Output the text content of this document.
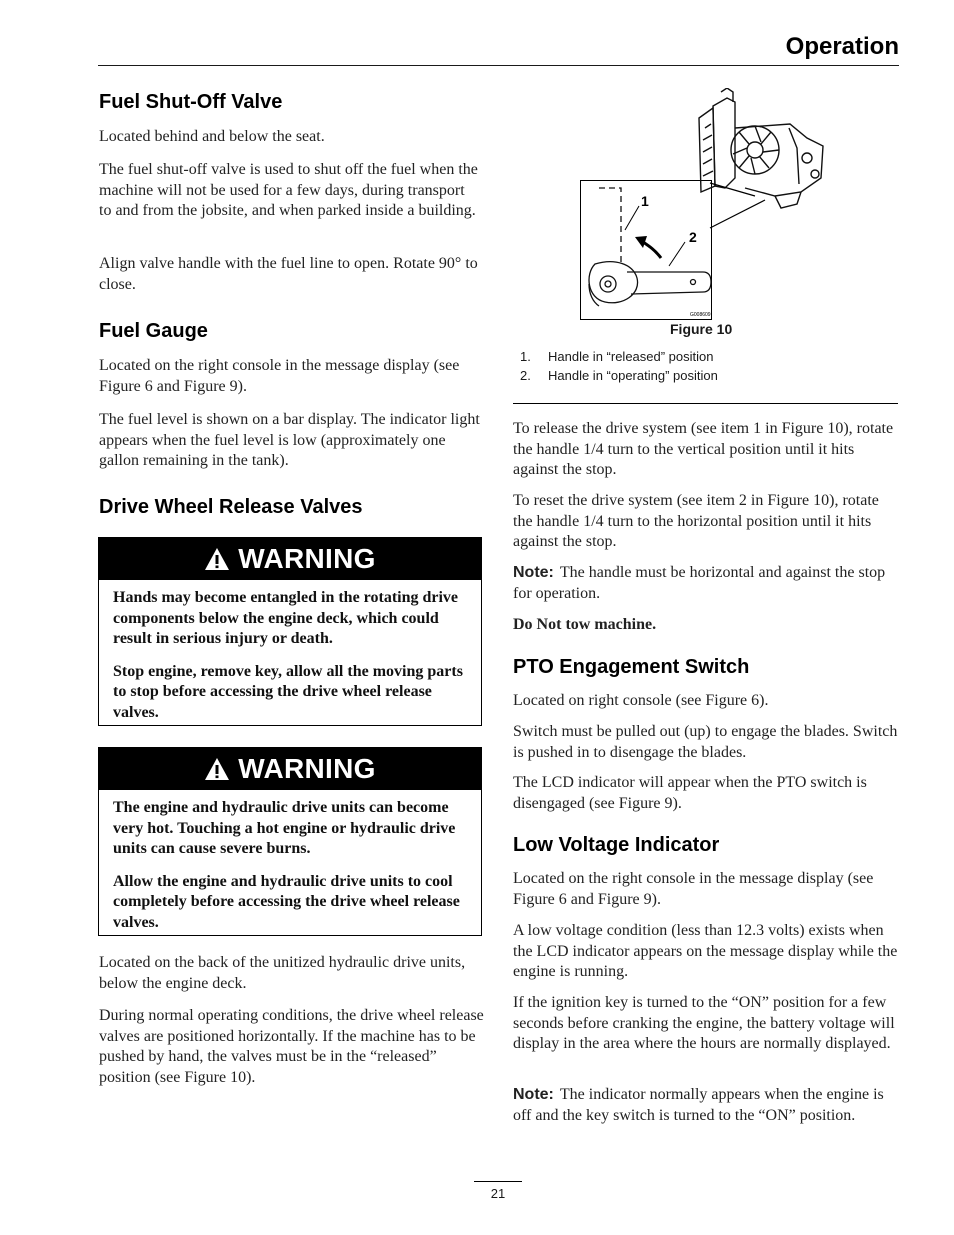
Operation
Fuel Shut-Off Valve

Located behind and below the seat.

The fuel shut-off valve is used to shut off the fuel when the machine will not be used for a few days, during transport to and from the jobsite, and when parked inside a building.

Align valve handle with the fuel line to open. Rotate 90° to close.

Fuel Gauge

Located on the right console in the message display (see Figure 6 and Figure 9).

The fuel level is shown on a bar display. The indicator light appears when the fuel level is low (approximately one gallon remaining in the tank).

Drive Wheel Release Valves
WARNING

Hands may become entangled in the rotating drive components below the engine deck, which could result in serious injury or death.

Stop engine, remove key, allow all the moving parts to stop before accessing the drive wheel release valves.

WARNING

The engine and hydraulic drive units can become very hot. Touching a hot engine or hydraulic drive units can cause severe burns.

Allow the engine and hydraulic drive units to cool completely before accessing the drive wheel release valves.

Located on the back of the unitized hydraulic drive units, below the engine deck.

During normal operating conditions, the drive wheel release valves are positioned horizontally. If the machine has to be pushed by hand, the valves must be in the “released” position (see Figure 10).

1
2
G008609
Figure 10
1. Handle in “released” position
2. Handle in “operating” position

To release the drive system (see item 1 in Figure 10), rotate the handle 1/4 turn to the vertical position until it hits against the stop.

To reset the drive system (see item 2 in Figure 10), rotate the handle 1/4 turn to the horizontal position until it hits against the stop.

Note: The handle must be horizontal and against the stop for operation.

Do Not tow machine.

PTO Engagement Switch

Located on right console (see Figure 6).

Switch must be pulled out (up) to engage the blades. Switch is pushed in to disengage the blades.

The LCD indicator will appear when the PTO switch is disengaged (see Figure 9).

Low Voltage Indicator

Located on the right console in the message display (see Figure 6 and Figure 9).

A low voltage condition (less than 12.3 volts) exists when the LCD indicator appears on the message display while the engine is running.

If the ignition key is turned to the “ON” position for a few seconds before cranking the engine, the battery voltage will display in the area where the hours are normally displayed.

Note: The indicator normally appears when the engine is off and the key switch is turned to the “ON” position.

21
